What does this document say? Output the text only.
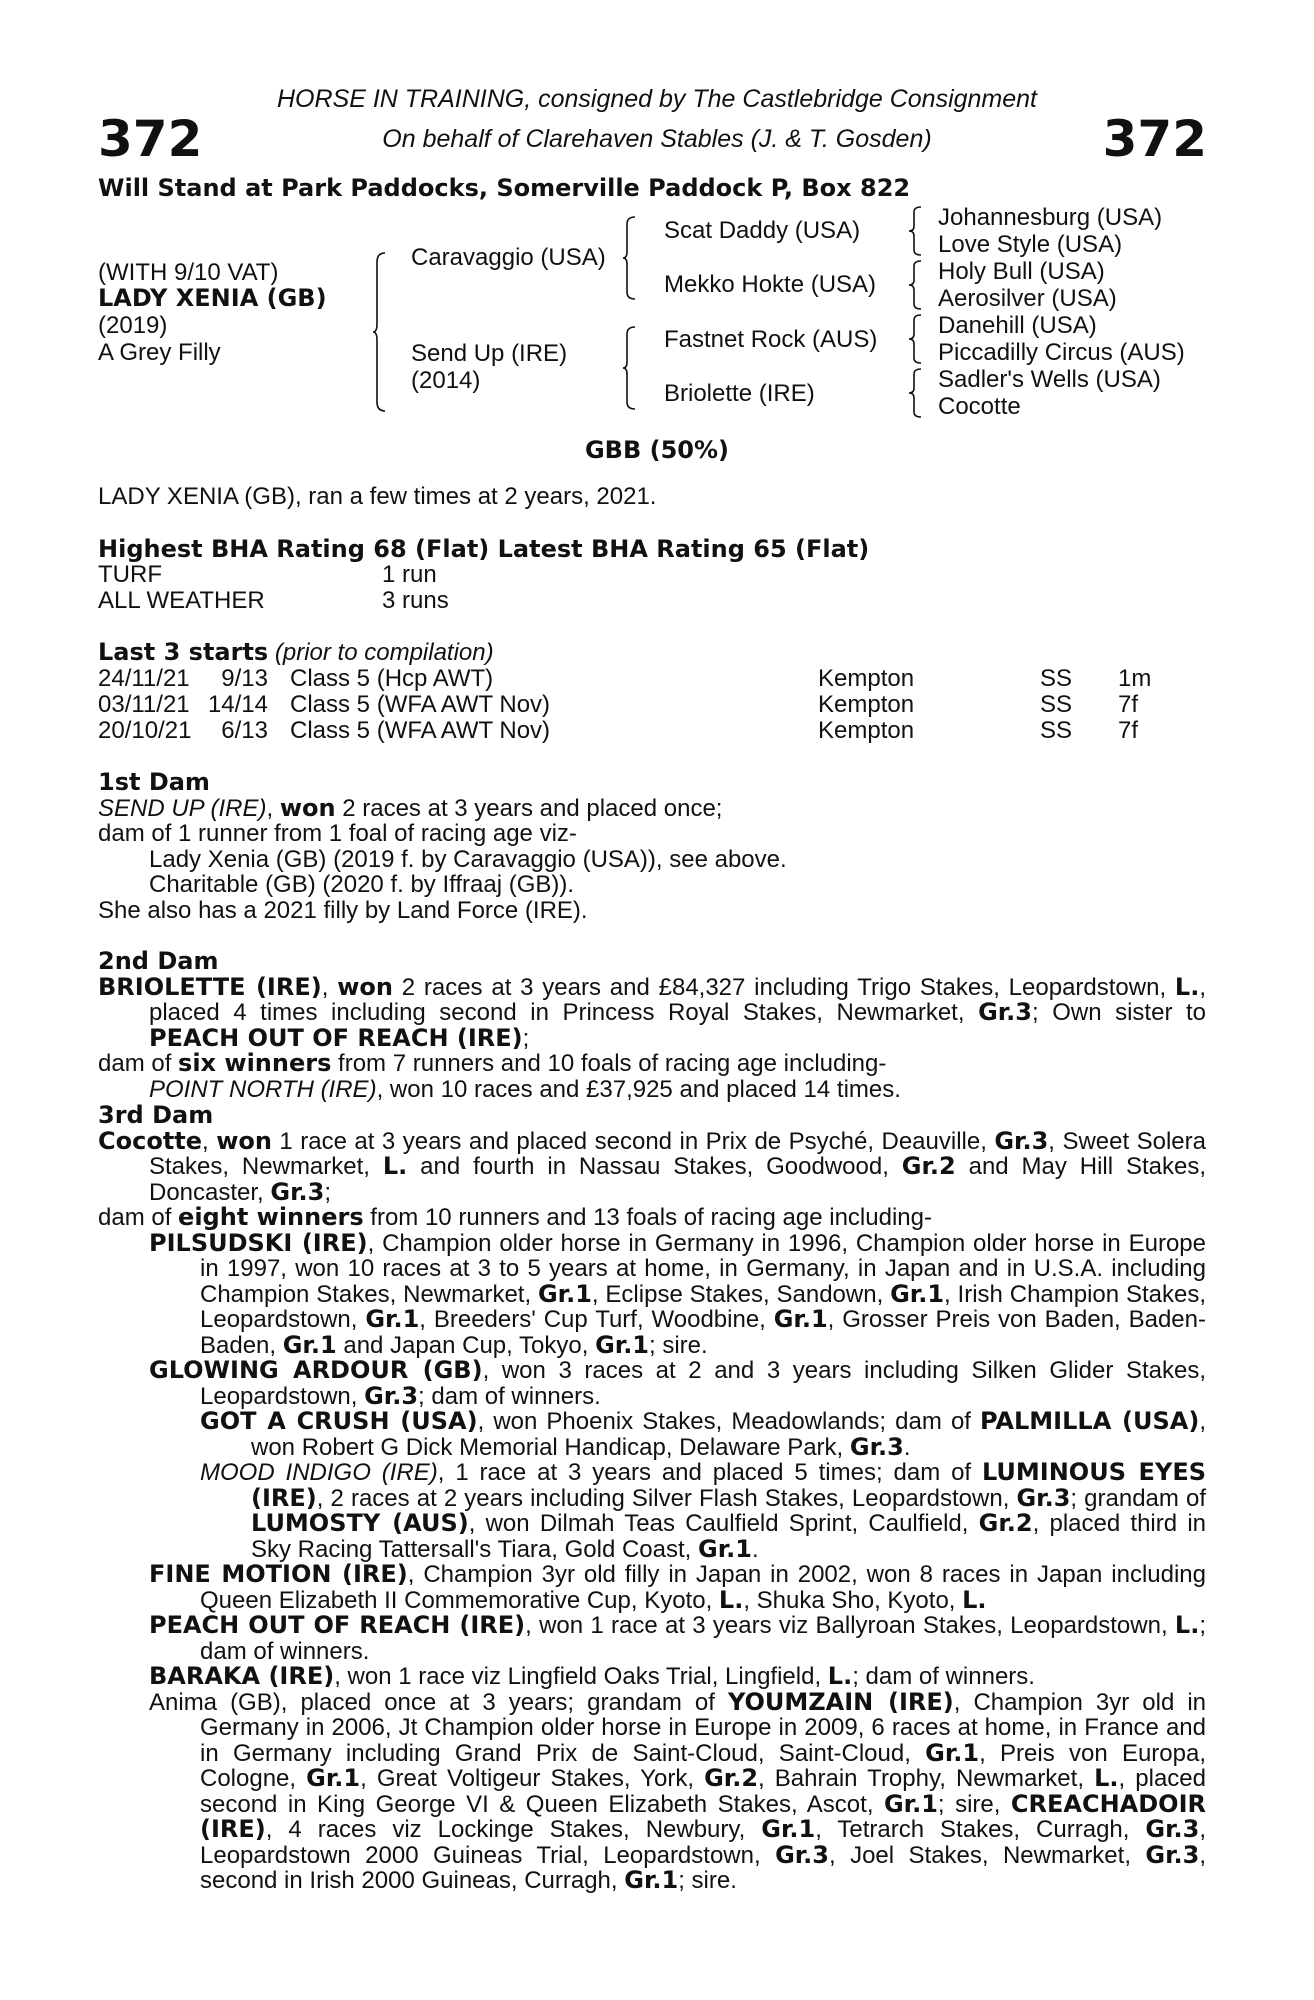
372	372
HORSE IN TRAINING, consigned by The Castlebridge Consignment
On behalf of Clarehaven Stables (J. & T. Gosden)
Will Stand at Park Paddocks, Somerville Paddock P, Box 822
(WITH 9/10 VAT)
LADY XENIA (GB)
(2019)
A Grey Filly
Caravaggio (USA)
Send Up (IRE)
(2014)
Scat Daddy (USA)
Mekko Hokte (USA)
Fastnet Rock (AUS)
Briolette (IRE)
Johannesburg (USA)
Love Style (USA)
Holy Bull (USA)
Aerosilver (USA)
Danehill (USA)
Piccadilly Circus (AUS)
Sadler's Wells (USA)
Cocotte
GBB (50%)
LADY XENIA (GB), ran a few times at 2 years, 2021.
Highest BHA Rating 68 (Flat) Latest BHA Rating 65 (Flat)
TURF	1 run
ALL WEATHER	3 runs
Last 3 starts (prior to compilation)
24/11/21	9/13 Class 5 (Hcp AWT)	Kempton	SS 1m
03/11/21 14/14 Class 5 (WFA AWT Nov)	Kempton	SS 7f
20/10/21	6/13 Class 5 (WFA AWT Nov)	Kempton	SS 7f
1st Dam
SEND UP (IRE), won 2 races at 3 years and placed once;
dam of 1 runner from 1 foal of racing age viz-
Lady Xenia (GB) (2019 f. by Caravaggio (USA)), see above.
Charitable (GB) (2020 f. by Iffraaj (GB)).
She also has a 2021 filly by Land Force (IRE).
2nd Dam
BRIOLETTE (IRE), won 2 races at 3 years and £84,327 including Trigo Stakes, Leopardstown, L., placed 4 times including second in Princess Royal Stakes, Newmarket, Gr.3; Own sister to PEACH OUT OF REACH (IRE);
dam of six winners from 7 runners and 10 foals of racing age including-
POINT NORTH (IRE), won 10 races and £37,925 and placed 14 times.
3rd Dam
Cocotte, won 1 race at 3 years and placed second in Prix de Psyché, Deauville, Gr.3, Sweet Solera Stakes, Newmarket, L. and fourth in Nassau Stakes, Goodwood, Gr.2 and May Hill Stakes, Doncaster, Gr.3;
dam of eight winners from 10 runners and 13 foals of racing age including-
PILSUDSKI (IRE), Champion older horse in Germany in 1996, Champion older horse in Europe in 1997, won 10 races at 3 to 5 years at home, in Germany, in Japan and in U.S.A. including Champion Stakes, Newmarket, Gr.1, Eclipse Stakes, Sandown, Gr.1, Irish Champion Stakes, Leopardstown, Gr.1, Breeders' Cup Turf, Woodbine, Gr.1, Grosser Preis von Baden, Baden-Baden, Gr.1 and Japan Cup, Tokyo, Gr.1; sire.
GLOWING ARDOUR (GB), won 3 races at 2 and 3 years including Silken Glider Stakes, Leopardstown, Gr.3; dam of winners.
GOT A CRUSH (USA), won Phoenix Stakes, Meadowlands; dam of PALMILLA (USA), won Robert G Dick Memorial Handicap, Delaware Park, Gr.3.
MOOD INDIGO (IRE), 1 race at 3 years and placed 5 times; dam of LUMINOUS EYES (IRE), 2 races at 2 years including Silver Flash Stakes, Leopardstown, Gr.3; grandam of LUMOSTY (AUS), won Dilmah Teas Caulfield Sprint, Caulfield, Gr.2, placed third in Sky Racing Tattersall's Tiara, Gold Coast, Gr.1.
FINE MOTION (IRE), Champion 3yr old filly in Japan in 2002, won 8 races in Japan including Queen Elizabeth II Commemorative Cup, Kyoto, L., Shuka Sho, Kyoto, L.
PEACH OUT OF REACH (IRE), won 1 race at 3 years viz Ballyroan Stakes, Leopardstown, L.; dam of winners.
BARAKA (IRE), won 1 race viz Lingfield Oaks Trial, Lingfield, L.; dam of winners.
Anima (GB), placed once at 3 years; grandam of YOUMZAIN (IRE), Champion 3yr old in Germany in 2006, Jt Champion older horse in Europe in 2009, 6 races at home, in France and in Germany including Grand Prix de Saint-Cloud, Saint-Cloud, Gr.1, Preis von Europa, Cologne, Gr.1, Great Voltigeur Stakes, York, Gr.2, Bahrain Trophy, Newmarket, L., placed second in King George VI & Queen Elizabeth Stakes, Ascot, Gr.1; sire, CREACHADOIR (IRE), 4 races viz Lockinge Stakes, Newbury, Gr.1, Tetrarch Stakes, Curragh, Gr.3, Leopardstown 2000 Guineas Trial, Leopardstown, Gr.3, Joel Stakes, Newmarket, Gr.3, second in Irish 2000 Guineas, Curragh, Gr.1; sire.
